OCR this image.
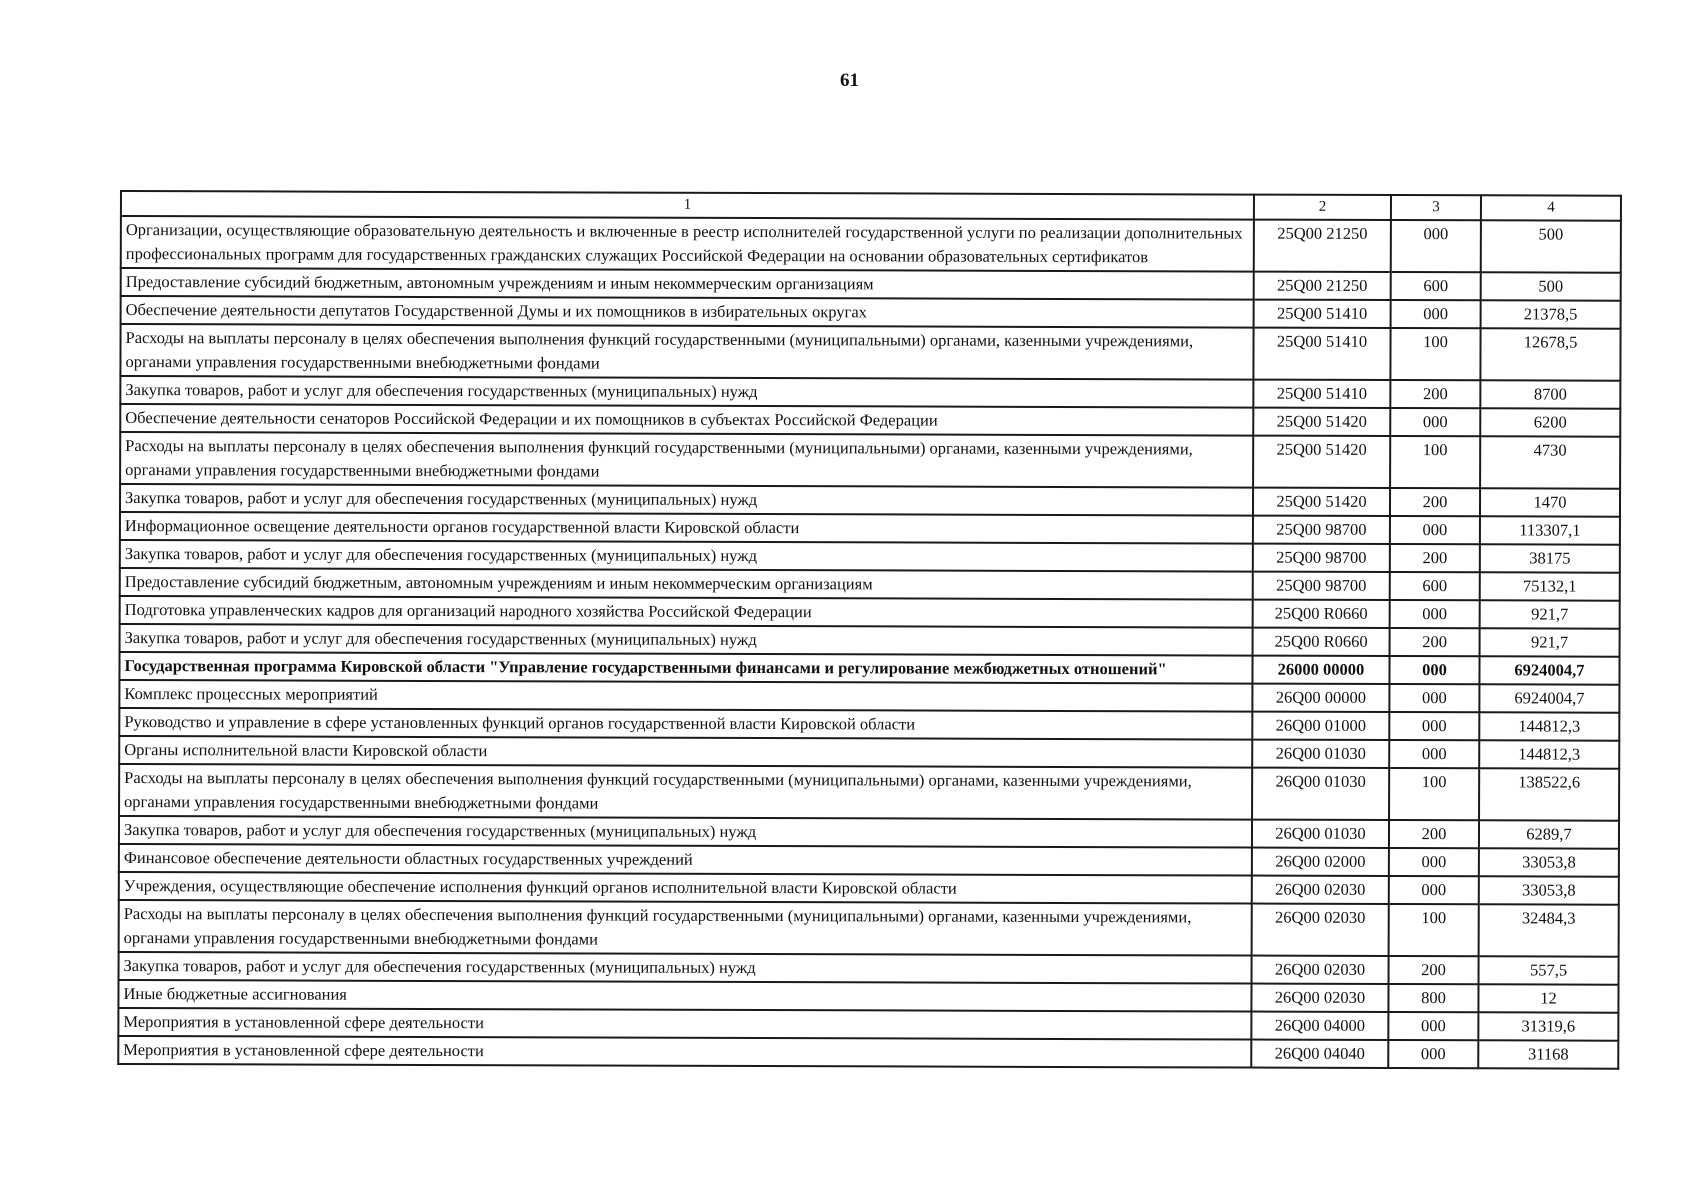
61
1	2	3	4
Организации, осуществляющие образовательную деятельность и включенные в реестр исполнителей государственной услуги по реализации дополнительных профессиональных программ для государственных гражданских служащих Российской Федерации на основании образовательных сертификатов	25Q00 21250	000	500
Предоставление субсидий бюджетным, автономным учреждениям и иным некоммерческим организациям	25Q00 21250	600	500
Обеспечение деятельности депутатов Государственной Думы и их помощников в избирательных округах	25Q00 51410	000	21378,5
Расходы на выплаты персоналу в целях обеспечения выполнения функций государственными (муниципальными) органами, казенными учреждениями, органами управления государственными внебюджетными фондами	25Q00 51410	100	12678,5
Закупка товаров, работ и услуг для обеспечения государственных (муниципальных) нужд	25Q00 51410	200	8700
Обеспечение деятельности сенаторов Российской Федерации и их помощников в субъектах Российской Федерации	25Q00 51420	000	6200
Расходы на выплаты персоналу в целях обеспечения выполнения функций государственными (муниципальными) органами, казенными учреждениями, органами управления государственными внебюджетными фондами	25Q00 51420	100	4730
Закупка товаров, работ и услуг для обеспечения государственных (муниципальных) нужд	25Q00 51420	200	1470
Информационное освещение деятельности органов государственной власти Кировской области	25Q00 98700	000	113307,1
Закупка товаров, работ и услуг для обеспечения государственных (муниципальных) нужд	25Q00 98700	200	38175
Предоставление субсидий бюджетным, автономным учреждениям и иным некоммерческим организациям	25Q00 98700	600	75132,1
Подготовка управленческих кадров для организаций народного хозяйства Российской Федерации	25Q00 R0660	000	921,7
Закупка товаров, работ и услуг для обеспечения государственных (муниципальных) нужд	25Q00 R0660	200	921,7
Государственная программа Кировской области "Управление государственными финансами и регулирование межбюджетных отношений"	26000 00000	000	6924004,7
Комплекс процессных мероприятий	26Q00 00000	000	6924004,7
Руководство и управление в сфере установленных функций органов государственной власти Кировской области	26Q00 01000	000	144812,3
Органы исполнительной власти Кировской области	26Q00 01030	000	144812,3
Расходы на выплаты персоналу в целях обеспечения выполнения функций государственными (муниципальными) органами, казенными учреждениями, органами управления государственными внебюджетными фондами	26Q00 01030	100	138522,6
Закупка товаров, работ и услуг для обеспечения государственных (муниципальных) нужд	26Q00 01030	200	6289,7
Финансовое обеспечение деятельности областных государственных учреждений	26Q00 02000	000	33053,8
Учреждения, осуществляющие обеспечение исполнения функций органов исполнительной власти Кировской области	26Q00 02030	000	33053,8
Расходы на выплаты персоналу в целях обеспечения выполнения функций государственными (муниципальными) органами, казенными учреждениями, органами управления государственными внебюджетными фондами	26Q00 02030	100	32484,3
Закупка товаров, работ и услуг для обеспечения государственных (муниципальных) нужд	26Q00 02030	200	557,5
Иные бюджетные ассигнования	26Q00 02030	800	12
Мероприятия в установленной сфере деятельности	26Q00 04000	000	31319,6
Мероприятия в установленной сфере деятельности	26Q00 04040	000	31168
